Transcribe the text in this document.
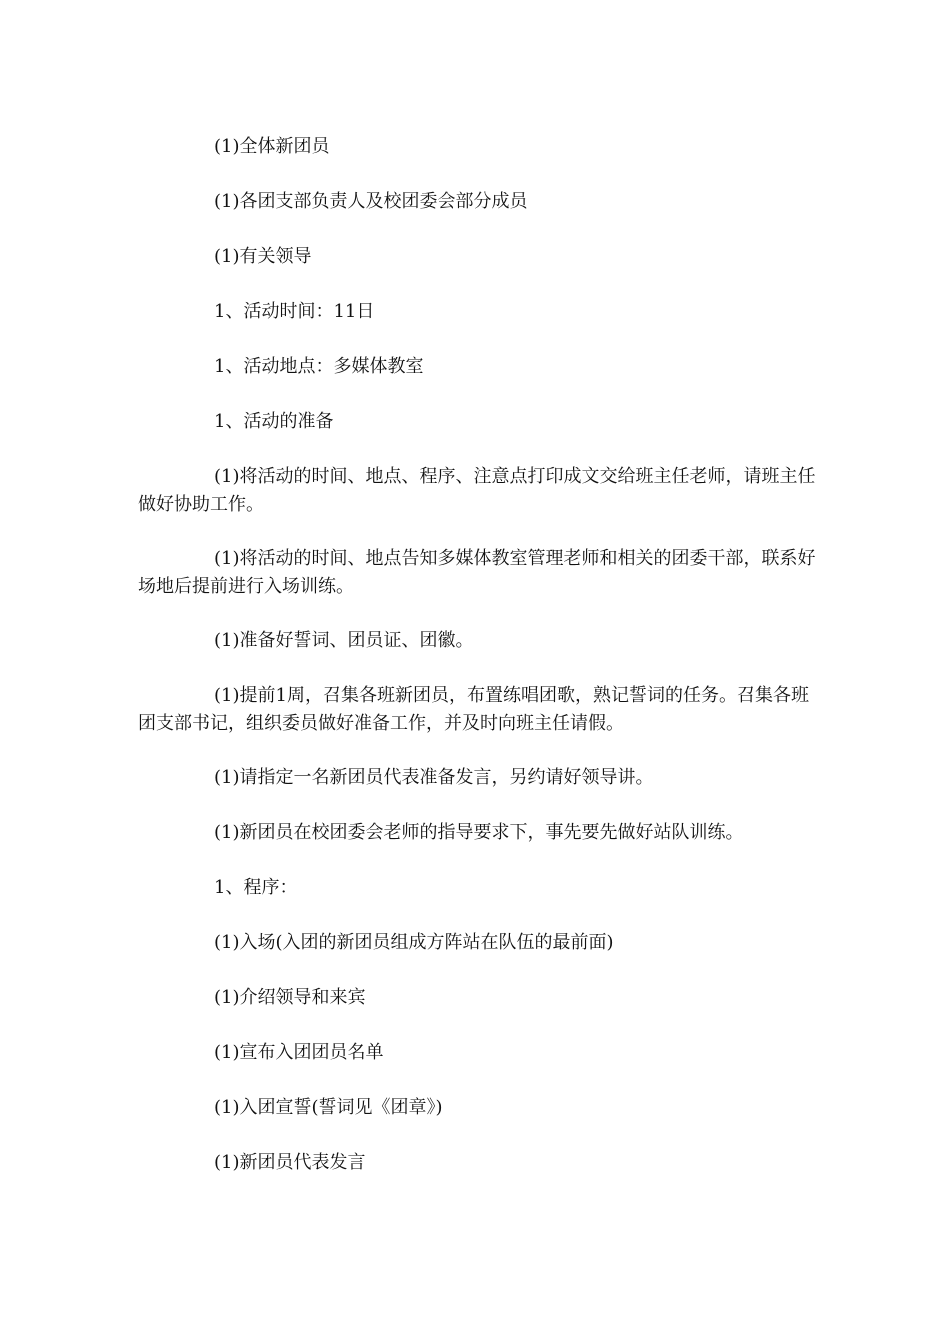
(1)全体新团员

(1)各团支部负责人及校团委会部分成员

(1)有关领导

1、活动时间：11日

1、活动地点：多媒体教室

1、活动的准备

(1)将活动的时间、地点、程序、注意点打印成文交给班主任老师，请班主任做好协助工作。

(1)将活动的时间、地点告知多媒体教室管理老师和相关的团委干部，联系好场地后提前进行入场训练。

(1)准备好誓词、团员证、团徽。

(1)提前1周，召集各班新团员，布置练唱团歌，熟记誓词的任务。召集各班团支部书记，组织委员做好准备工作，并及时向班主任请假。

(1)请指定一名新团员代表准备发言，另约请好领导讲。

(1)新团员在校团委会老师的指导要求下，事先要先做好站队训练。

1、程序：

(1)入场(入团的新团员组成方阵站在队伍的最前面)

(1)介绍领导和来宾

(1)宣布入团团员名单

(1)入团宣誓(誓词见《团章》)

(1)新团员代表发言
